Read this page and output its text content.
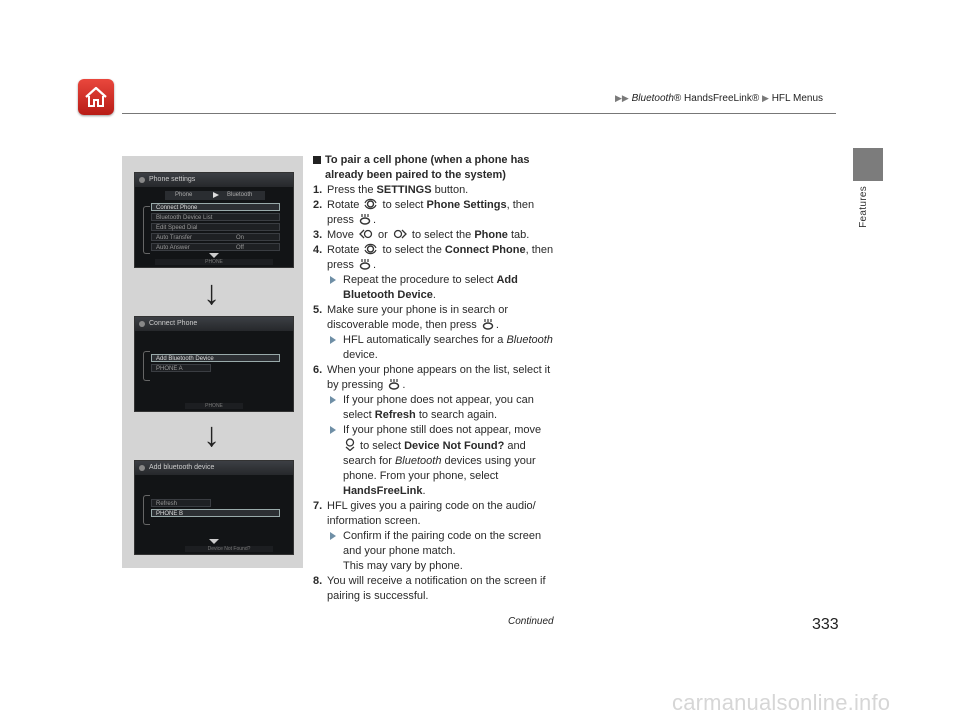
▶▶ Bluetooth® HandsFreeLink® ▶ HFL Menus
Features
Phone settings
Phone	Bluetooth
Connect Phone
Bluetooth Device List
Edit Speed Dial
Auto Transfer	On
Auto Answer	Off
PHONE
↓
Connect Phone
Add Bluetooth Device
PHONE A
PHONE
↓
Add bluetooth device
Refresh
PHONE B
Device Not Found?
To pair a cell phone (when a phone has already been paired to the system)
1. Press the SETTINGS button.
2. Rotate  to select Phone Settings, then press .
3. Move  or  to select the Phone tab.
4. Rotate  to select the Connect Phone, then press .
Repeat the procedure to select Add Bluetooth Device.
5. Make sure your phone is in search or discoverable mode, then press .
HFL automatically searches for a Bluetooth device.
6. When your phone appears on the list, select it by pressing .
If your phone does not appear, you can select Refresh to search again.
If your phone still does not appear, move  to select Device Not Found? and search for Bluetooth devices using your phone. From your phone, select HandsFreeLink.
7. HFL gives you a pairing code on the audio/ information screen.
Confirm if the pairing code on the screen and your phone match.
This may vary by phone.
8. You will receive a notification on the screen if pairing is successful.
Continued	333
carmanualsonline.info
